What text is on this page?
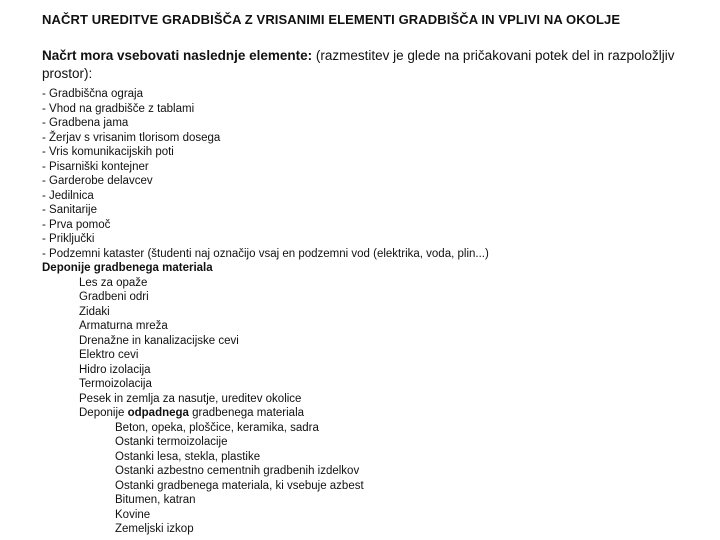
NAČRT UREDITVE GRADBIŠČA Z VRISANIMI ELEMENTI GRADBIŠČA IN VPLIVI NA OKOLJE
Načrt mora vsebovati naslednje elemente: (razmestitev je glede na pričakovani potek del in razpoložljiv prostor):
- Gradbiščna ograja
- Vhod na gradbišče z tablami
- Gradbena jama
- Žerjav s vrisanim tlorisom dosega
- Vris komunikacijskih poti
- Pisarniški kontejner
- Garderobe delavcev
- Jedilnica
- Sanitarije
- Prva pomoč
- Priključki
- Podzemni kataster (študenti naj označijo vsaj en podzemni vod (elektrika, voda, plin...)
Deponije gradbenega materiala
Les za opaže
Gradbeni odri
Zidaki
Armaturna mreža
Drenažne in kanalizacijske cevi
Elektro cevi
Hidro izolacija
Termoizolacija
Pesek in zemlja za nasutje, ureditev okolice
Deponije odpadnega gradbenega materiala
Beton, opeka, ploščice, keramika, sadra
Ostanki termoizolacije
Ostanki lesa, stekla, plastike
Ostanki azbestno cementnih gradbenih izdelkov
Ostanki gradbenega materiala, ki vsebuje azbest
Bitumen, katran
Kovine
Zemeljski izkop
